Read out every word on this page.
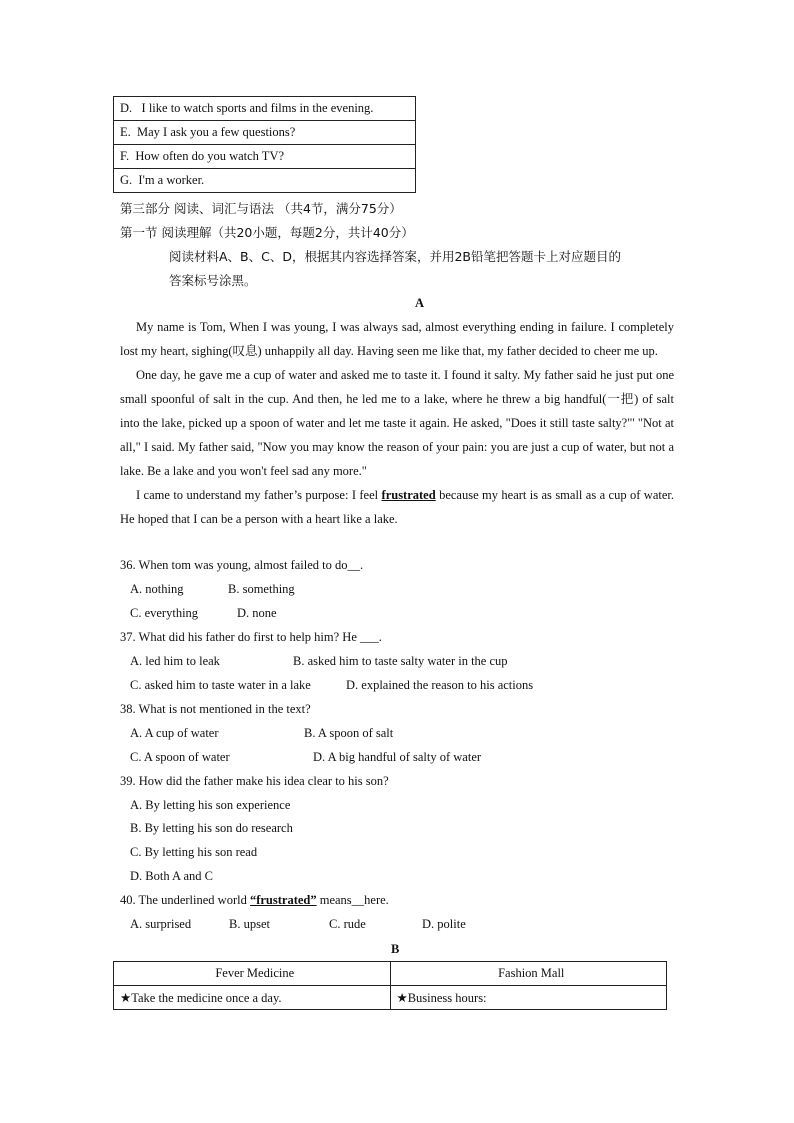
D. I like to watch sports and films in the evening.
E. May I ask you a few questions?
F. How often do you watch TV?
G. I'm a worker.
第三部分 阅读、词汇与语法 （共4节，满分75分）
第一节 阅读理解（共20小题，每题2分，共计40分）
阅读材料A、B、C、D，根据其内容选择答案，并用2B铅笔把答题卡上对应题目的
答案标号涂黑。
A

My name is Tom, When I was young, I was always sad, almost everything ending in failure. I completely lost my heart, sighing(叹息) unhappily all day. Having seen me like that, my father decided to cheer me up.

One day, he gave me a cup of water and asked me to taste it. I found it salty. My father said he just put one small spoonful of salt in the cup. And then, he led me to a lake, where he threw a big handful(一把) of salt into the lake, picked up a spoon of water and let me taste it again. He asked, "Does it still taste salty?"' "Not at all," I said. My father said, "Now you may know the reason of your pain: you are just a cup of water, but not a lake. Be a lake and you won't feel sad any more."

I came to understand my father’s purpose: I feel frustrated because my heart is as small as a cup of water. He hoped that I can be a person with a heart like a lake.

36. When tom was young, almost failed to do__.
A. nothing	B. something
C. everything	D. none
37. What did his father do first to help him? He ___.
A. led him to leak	B. asked him to taste salty water in the cup
C. asked him to taste water in a lake	D. explained the reason to his actions
38. What is not mentioned in the text?
A. A cup of water	B. A spoon of salt
C. A spoon of water	D. A big handful of salty of water
39. How did the father make his idea clear to his son?
A. By letting his son experience
B. By letting his son do research
C. By letting his son read
D. Both A and C
40. The underlined world “frustrated” means__here.
A. surprised	B. upset	C. rude	D. polite
B
Fever Medicine	Fashion Mall
★Take the medicine once a day.	★Business hours:
